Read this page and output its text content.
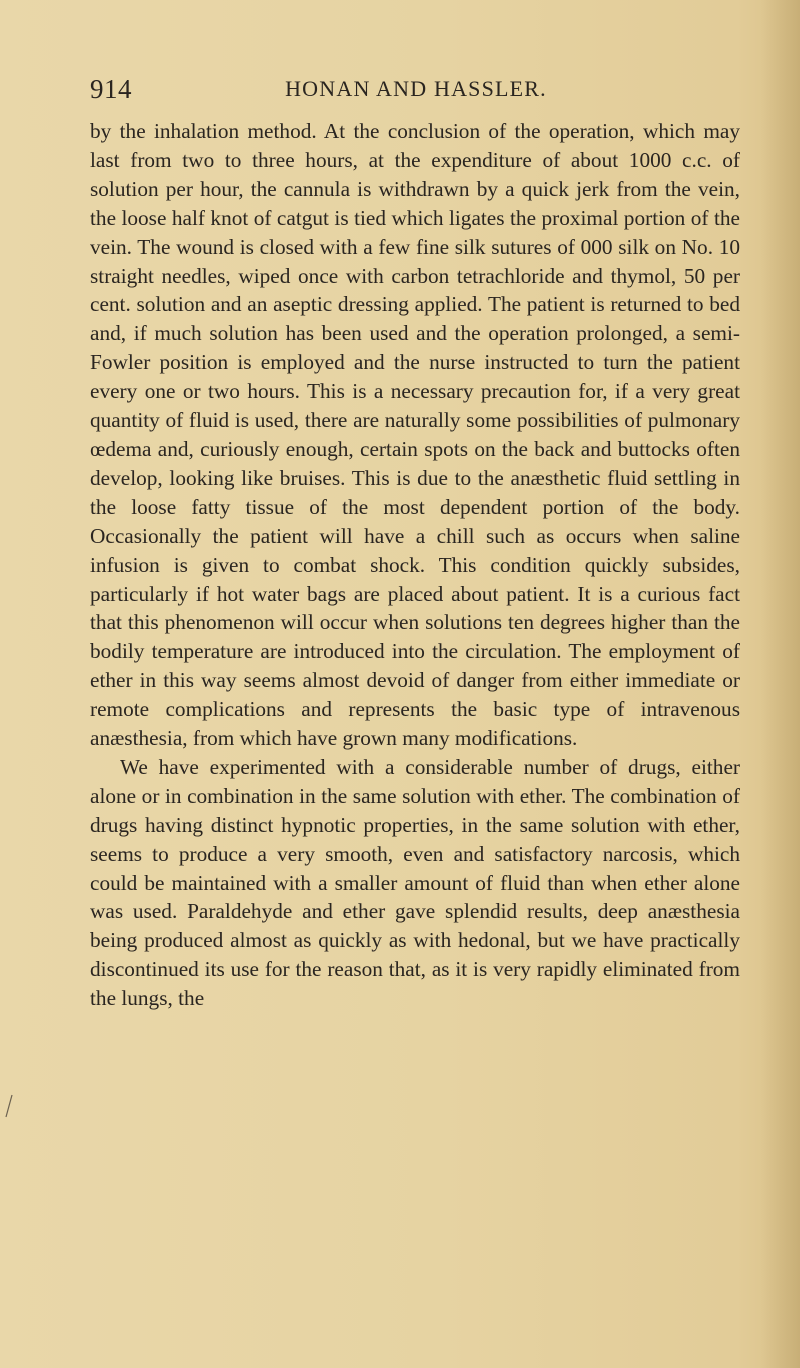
914	HONAN AND HASSLER.

by the inhalation method. At the conclusion of the operation, which may last from two to three hours, at the expenditure of about 1000 c.c. of solution per hour, the cannula is withdrawn by a quick jerk from the vein, the loose half knot of catgut is tied which ligates the proximal portion of the vein. The wound is closed with a few fine silk sutures of 000 silk on No. 10 straight needles, wiped once with carbon tetrachloride and thymol, 50 per cent. solution and an aseptic dressing applied. The patient is returned to bed and, if much solution has been used and the operation prolonged, a semi-Fowler position is employed and the nurse instructed to turn the patient every one or two hours. This is a necessary precaution for, if a very great quantity of fluid is used, there are naturally some possibilities of pulmonary œdema and, curiously enough, certain spots on the back and buttocks often develop, looking like bruises. This is due to the anæsthetic fluid settling in the loose fatty tissue of the most dependent portion of the body. Occasionally the patient will have a chill such as occurs when saline infusion is given to combat shock. This condition quickly subsides, particularly if hot water bags are placed about patient. It is a curious fact that this phenomenon will occur when solutions ten degrees higher than the bodily temperature are introduced into the circulation. The employment of ether in this way seems almost devoid of danger from either immediate or remote complications and represents the basic type of intravenous anæsthesia, from which have grown many modifications.

We have experimented with a considerable number of drugs, either alone or in combination in the same solution with ether. The combination of drugs having distinct hypnotic properties, in the same solution with ether, seems to produce a very smooth, even and satisfactory narcosis, which could be maintained with a smaller amount of fluid than when ether alone was used. Paraldehyde and ether gave splendid results, deep anæsthesia being produced almost as quickly as with hedonal, but we have practically discontinued its use for the reason that, as it is very rapidly eliminated from the lungs, the
